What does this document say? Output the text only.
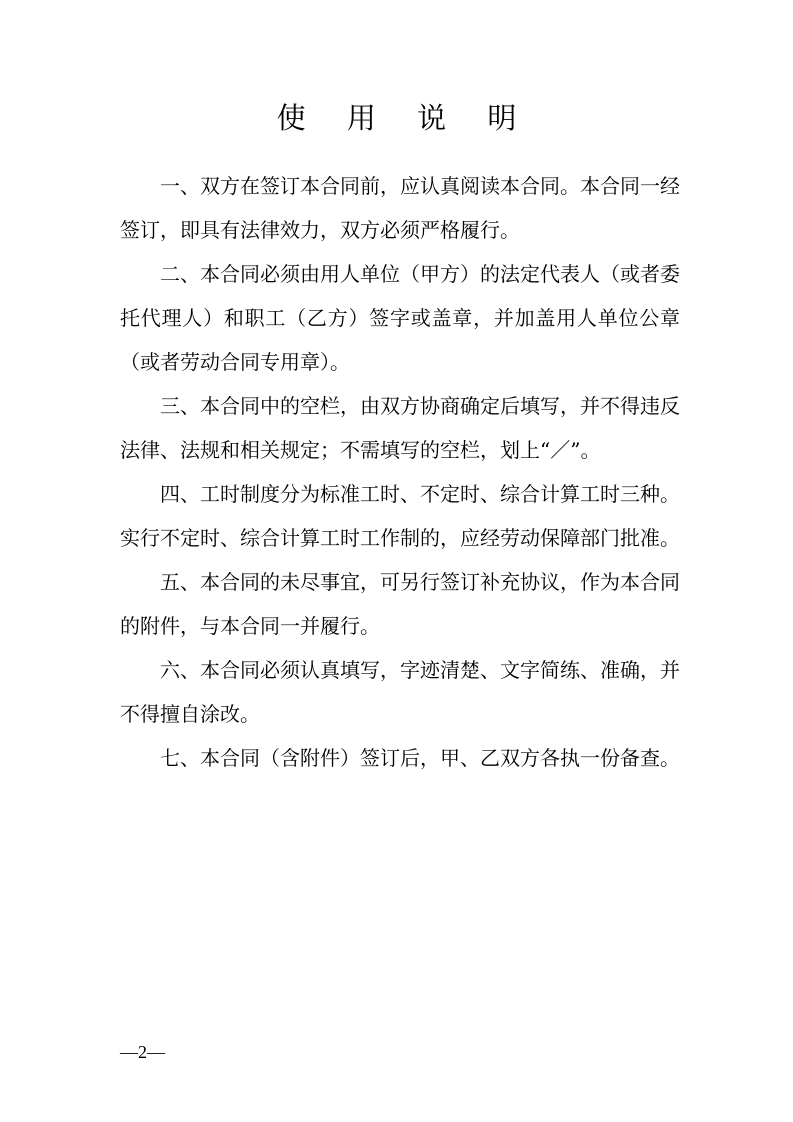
使 用 说 明

一、双方在签订本合同前，应认真阅读本合同。本合同一经签订，即具有法律效力，双方必须严格履行。

二、本合同必须由用人单位（甲方）的法定代表人（或者委托代理人）和职工（乙方）签字或盖章，并加盖用人单位公章（或者劳动合同专用章）。

三、本合同中的空栏，由双方协商确定后填写，并不得违反法律、法规和相关规定；不需填写的空栏，划上“／”。

四、工时制度分为标准工时、不定时、综合计算工时三种。实行不定时、综合计算工时工作制的，应经劳动保障部门批准。

五、本合同的未尽事宜，可另行签订补充协议，作为本合同的附件，与本合同一并履行。

六、本合同必须认真填写，字迹清楚、文字简练、准确，并不得擅自涂改。

七、本合同（含附件）签订后，甲、乙双方各执一份备查。

—2—
